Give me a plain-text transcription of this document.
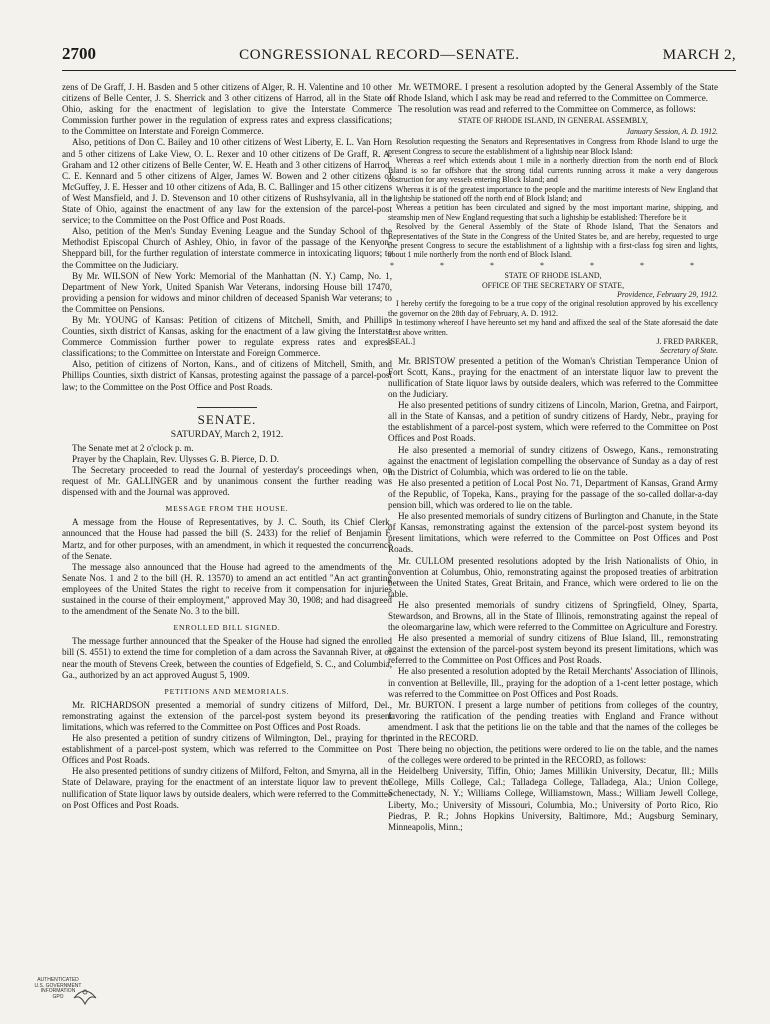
2700	CONGRESSIONAL RECORD—SENATE.	MARCH 2,

zens of De Graff, J. H. Basden and 5 other citizens of Alger, R. H. Valentine and 10 other citizens of Belle Center, J. S. Sherrick and 3 other citizens of Harrod, all in the State of Ohio, asking for the enactment of legislation to give the Interstate Commerce Commission further power in the regulation of express rates and express classifications; to the Committee on Interstate and Foreign Commerce.

Also, petitions of Don C. Bailey and 10 other citizens of West Liberty, E. L. Van Horn and 5 other citizens of Lake View, O. L. Rexer and 10 other citizens of De Graff, R. A. Graham and 12 other citizens of Belle Center, W. E. Heath and 3 other citizens of Harrod, C. E. Kennard and 5 other citizens of Alger, James W. Bowen and 2 other citizens of McGuffey, J. E. Hesser and 10 other citizens of Ada, B. C. Ballinger and 15 other citizens of West Mansfield, and J. D. Stevenson and 10 other citizens of Rushsylvania, all in the State of Ohio, against the enactment of any law for the extension of the parcel-post service; to the Committee on the Post Office and Post Roads.

Also, petition of the Men's Sunday Evening League and the Sunday School of the Methodist Episcopal Church of Ashley, Ohio, in favor of the passage of the Kenyon-Sheppard bill, for the further regulation of interstate commerce in intoxicating liquors; to the Committee on the Judiciary.

By Mr. WILSON of New York: Memorial of the Manhattan (N. Y.) Camp, No. 1, Department of New York, United Spanish War Veterans, indorsing House bill 17470, providing a pension for widows and minor children of deceased Spanish War veterans; to the Committee on Pensions.

By Mr. YOUNG of Kansas: Petition of citizens of Mitchell, Smith, and Phillips Counties, sixth district of Kansas, asking for the enactment of a law giving the Interstate Commerce Commission further power to regulate express rates and express classifications; to the Committee on Interstate and Foreign Commerce.

Also, petition of citizens of Norton, Kans., and of citizens of Mitchell, Smith, and Phillips Counties, sixth district of Kansas, protesting against the passage of a parcel-post law; to the Committee on the Post Office and Post Roads.

SENATE.
SATURDAY, March 2, 1912.

The Senate met at 2 o'clock p. m.

Prayer by the Chaplain, Rev. Ulysses G. B. Pierce, D. D.

The Secretary proceeded to read the Journal of yesterday's proceedings when, on request of Mr. GALLINGER and by unanimous consent the further reading was dispensed with and the Journal was approved.

MESSAGE FROM THE HOUSE.

A message from the House of Representatives, by J. C. South, its Chief Clerk, announced that the House had passed the bill (S. 2433) for the relief of Benjamin F. Martz, and for other purposes, with an amendment, in which it requested the concurrence of the Senate.

The message also announced that the House had agreed to the amendments of the Senate Nos. 1 and 2 to the bill (H. R. 13570) to amend an act entitled "An act granting employees of the United States the right to receive from it compensation for injuries sustained in the course of their employment," approved May 30, 1908; and had disagreed to the amendment of the Senate No. 3 to the bill.

ENROLLED BILL SIGNED.

The message further announced that the Speaker of the House had signed the enrolled bill (S. 4551) to extend the time for completion of a dam across the Savannah River, at or near the mouth of Stevens Creek, between the counties of Edgefield, S. C., and Columbia, Ga., authorized by an act approved August 5, 1909.

PETITIONS AND MEMORIALS.

Mr. RICHARDSON presented a memorial of sundry citizens of Milford, Del., remonstrating against the extension of the parcel-post system beyond its present limitations, which was referred to the Committee on Post Offices and Post Roads.

He also presented a petition of sundry citizens of Wilmington, Del., praying for the establishment of a parcel-post system, which was referred to the Committee on Post Offices and Post Roads.

He also presented petitions of sundry citizens of Milford, Felton, and Smyrna, all in the State of Delaware, praying for the enactment of an interstate liquor law to prevent the nullification of State liquor laws by outside dealers, which were referred to the Committee on Post Offices and Post Roads.

Mr. WETMORE. I present a resolution adopted by the General Assembly of the State of Rhode Island, which I ask may be read and referred to the Committee on Commerce.

The resolution was read and referred to the Committee on Commerce, as follows:

STATE OF RHODE ISLAND, IN GENERAL ASSEMBLY,
January Session, A. D. 1912.

Resolution requesting the Senators and Representatives in Congress from Rhode Island to urge the present Congress to secure the establishment of a lightship near Block Island:

Whereas a reef which extends about 1 mile in a northerly direction from the north end of Block Island is so far offshore that the strong tidal currents running across it make a very dangerous obstruction for any vessels entering Block Island; and

Whereas it is of the greatest importance to the people and the maritime interests of New England that a lightship be stationed off the north end of Block Island; and

Whereas a petition has been circulated and signed by the most important marine, shipping, and steamship men of New England requesting that such a lightship be established: Therefore be it

Resolved by the General Assembly of the State of Rhode Island, That the Senators and Representatives of the State in the Congress of the United States be, and are hereby, requested to urge the present Congress to secure the establishment of a lightship with a first-class fog siren and lights, about 1 mile northerly from the north end of Block Island.

* * * * * * *
STATE OF RHODE ISLAND,
OFFICE OF THE SECRETARY OF STATE,
Providence, February 29, 1912.

I hereby certify the foregoing to be a true copy of the original resolution approved by his excellency the governor on the 28th day of February, A. D. 1912.

In testimony whereof I have hereunto set my hand and affixed the seal of the State aforesaid the date first above written.

[SEAL.]	J. FRED PARKER,
Secretary of State.

Mr. BRISTOW presented a petition of the Woman's Christian Temperance Union of Fort Scott, Kans., praying for the enactment of an interstate liquor law to prevent the nullification of State liquor laws by outside dealers, which was referred to the Committee on the Judiciary.

He also presented petitions of sundry citizens of Lincoln, Marion, Gretna, and Fairport, all in the State of Kansas, and a petition of sundry citizens of Hardy, Nebr., praying for the establishment of a parcel-post system, which were referred to the Committee on Post Offices and Post Roads.

He also presented a memorial of sundry citizens of Oswego, Kans., remonstrating against the enactment of legislation compelling the observance of Sunday as a day of rest in the District of Columbia, which was ordered to lie on the table.

He also presented a petition of Local Post No. 71, Department of Kansas, Grand Army of the Republic, of Topeka, Kans., praying for the passage of the so-called dollar-a-day pension bill, which was ordered to lie on the table.

He also presented memorials of sundry citizens of Burlington and Chanute, in the State of Kansas, remonstrating against the extension of the parcel-post system beyond its present limitations, which were referred to the Committee on Post Offices and Post Roads.

Mr. CULLOM presented resolutions adopted by the Irish Nationalists of Ohio, in convention at Columbus, Ohio, remonstrating against the proposed treaties of arbitration between the United States, Great Britain, and France, which were ordered to lie on the table.

He also presented memorials of sundry citizens of Springfield, Olney, Sparta, Stewardson, and Browns, all in the State of Illinois, remonstrating against the repeal of the oleomargarine law, which were referred to the Committee on Agriculture and Forestry.

He also presented a memorial of sundry citizens of Blue Island, Ill., remonstrating against the extension of the parcel-post system beyond its present limitations, which was referred to the Committee on Post Offices and Post Roads.

He also presented a resolution adopted by the Retail Merchants' Association of Illinois, in convention at Belleville, Ill., praying for the adoption of a 1-cent letter postage, which was referred to the Committee on Post Offices and Post Roads.

Mr. BURTON. I present a large number of petitions from colleges of the country, favoring the ratification of the pending treaties with England and France without amendment. I ask that the petitions lie on the table and that the names of the colleges be printed in the RECORD.

There being no objection, the petitions were ordered to lie on the table, and the names of the colleges were ordered to be printed in the RECORD, as follows:

Heidelberg University, Tiffin, Ohio; James Millikin University, Decatur, Ill.; Mills College, Mills College, Cal.; Talladega College, Talladega, Ala.; Union College, Schenectady, N. Y.; Williams College, Williamstown, Mass.; William Jewell College, Liberty, Mo.; University of Missouri, Columbia, Mo.; University of Porto Rico, Rio Piedras, P. R.; Johns Hopkins University, Baltimore, Md.; Augsburg Seminary, Minneapolis, Minn.;

AUTHENTICATED
U.S. GOVERNMENT
INFORMATION
GPO
